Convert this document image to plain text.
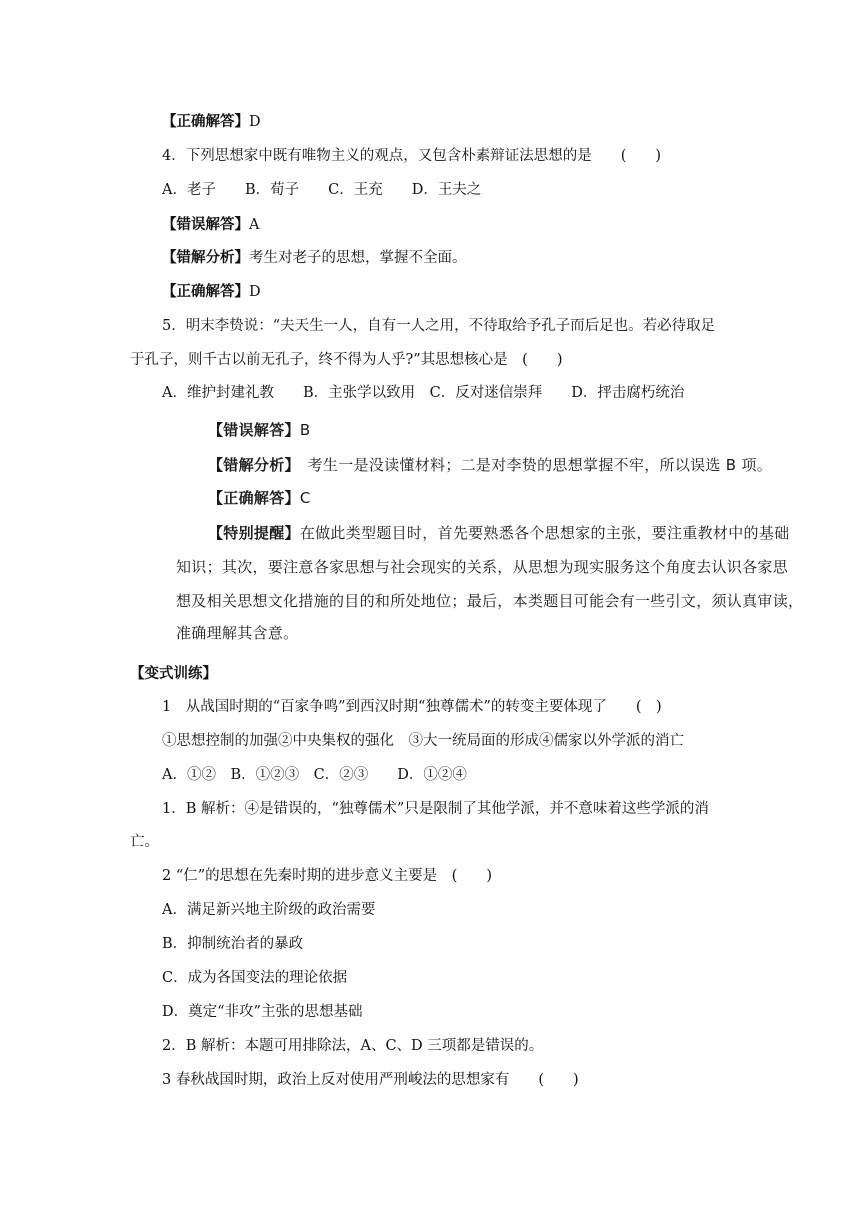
【正确解答】D
4．下列思想家中既有唯物主义的观点，又包含朴素辩证法思想的是　　(　　)
A．老子　　B．荀子　　C．王充　　D．王夫之
【错误解答】A
【错解分析】考生对老子的思想，掌握不全面。
【正确解答】D
5．明末李贽说：“夫天生一人，自有一人之用，不待取给予孔子而后足也。若必待取足
于孔子，则千古以前无孔子，终不得为人乎?”其思想核心是　(　　)
A．维护封建礼教　　B．主张学以致用　C．反对迷信崇拜　　D．抨击腐朽统治
【错误解答】B
【错解分析】　考生一是没读懂材料；二是对李贽的思想掌握不牢，所以误选 B 项。
【正确解答】C
【特别提醒】在做此类型题目时，首先要熟悉各个思想家的主张，要注重教材中的基础
知识；其次，要注意各家思想与社会现实的关系，从思想为现实服务这个角度去认识各家思
想及相关思想文化措施的目的和所处地位；最后，本类题目可能会有一些引文，须认真审读，
准确理解其含意。
【变式训练】
1　从战国时期的“百家争鸣”到西汉时期“独尊儒术”的转变主要体现了　　(　)
①思想控制的加强②中央集权的强化　③大一统局面的形成④儒家以外学派的消亡
A．①②　B．①②③　C．②③　　D．①②④
1．B 解析：④是错误的，“独尊儒术”只是限制了其他学派，并不意味着这些学派的消
亡。
2 “仁”的思想在先秦时期的进步意义主要是　(　　)
A．满足新兴地主阶级的政治需要
B．抑制统治者的暴政
C．成为各国变法的理论依据
D．奠定“非攻”主张的思想基础
2．B 解析：本题可用排除法，A、C、D 三项都是错误的。
3 春秋战国时期，政治上反对使用严刑峻法的思想家有　　(　　)
